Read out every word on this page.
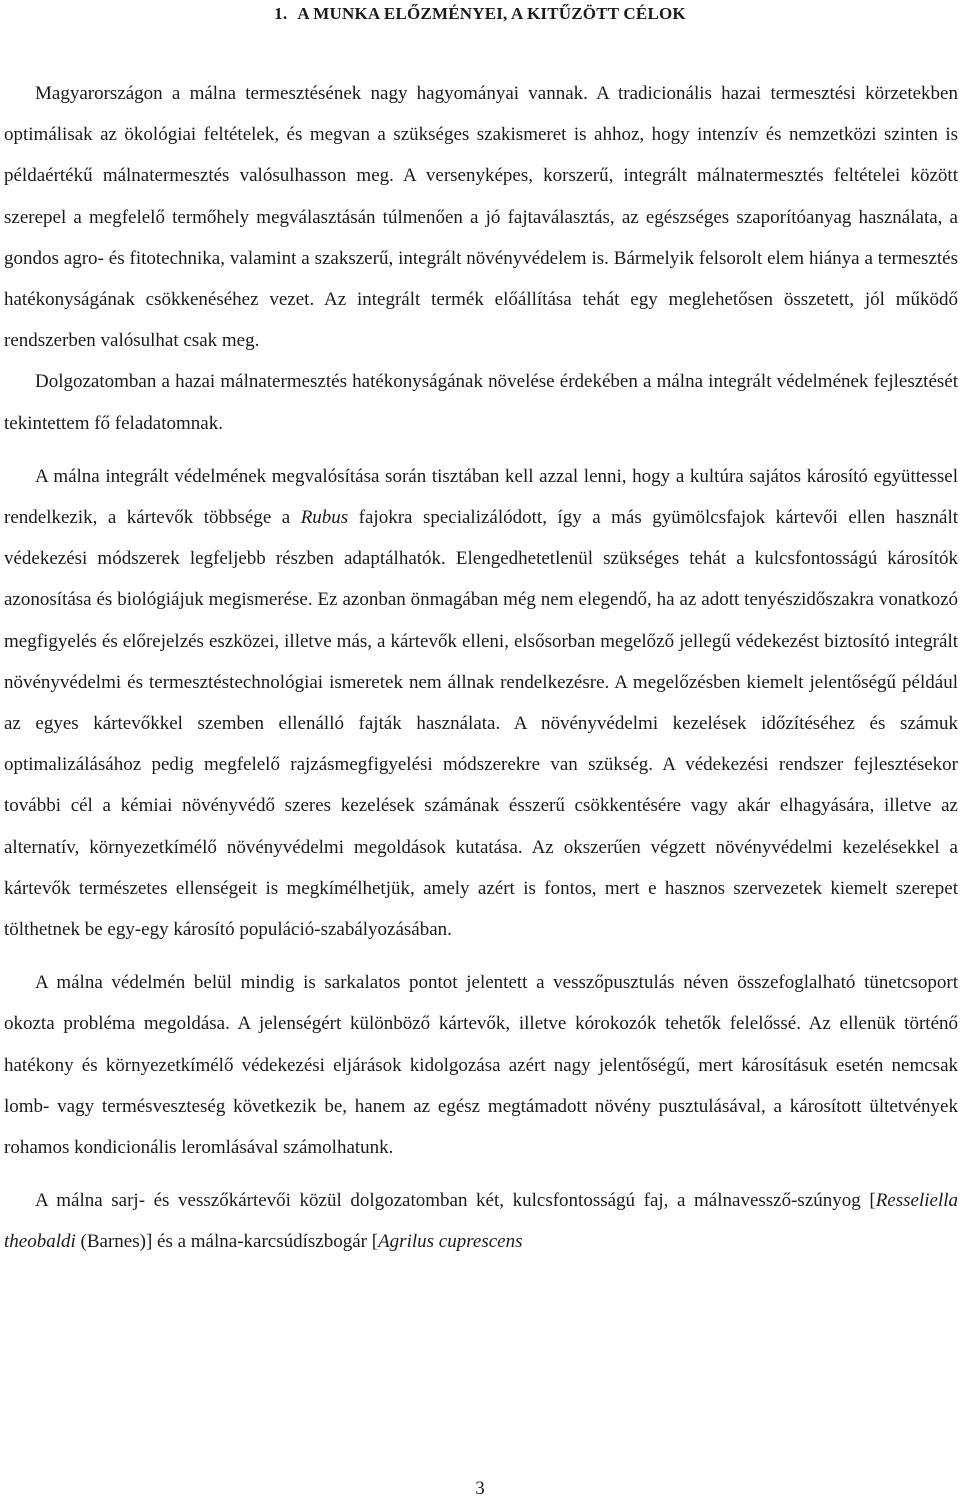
1. A MUNKA ELŐZMÉNYEI, A KITŰZÖTT CÉLOK

Magyarországon a málna termesztésének nagy hagyományai vannak. A tradicionális hazai termesztési körzetekben optimálisak az ökológiai feltételek, és megvan a szükséges szakismeret is ahhoz, hogy intenzív és nemzetközi szinten is példaértékű málnatermesztés valósulhasson meg. A versenyképes, korszerű, integrált málnatermesztés feltételei között szerepel a megfelelő termőhely megválasztásán túlmenően a jó fajtaválasztás, az egészséges szaporítóanyag használata, a gondos agro- és fitotechnika, valamint a szakszerű, integrált növényvédelem is. Bármelyik felsorolt elem hiánya a termesztés hatékonyságának csökkenéséhez vezet. Az integrált termék előállítása tehát egy meglehetősen összetett, jól működő rendszerben valósulhat csak meg.

Dolgozatomban a hazai málnatermesztés hatékonyságának növelése érdekében a málna integrált védelmének fejlesztését tekintettem fő feladatomnak.

A málna integrált védelmének megvalósítása során tisztában kell azzal lenni, hogy a kultúra sajátos károsító együttessel rendelkezik, a kártevők többsége a Rubus fajokra specializálódott, így a más gyümölcsfajok kártevői ellen használt védekezési módszerek legfeljebb részben adaptálhatók. Elengedhetetlenül szükséges tehát a kulcsfontosságú károsítók azonosítása és biológiájuk megismerése. Ez azonban önmagában még nem elegendő, ha az adott tenyészidőszakra vonatkozó megfigyelés és előrejelzés eszközei, illetve más, a kártevők elleni, elsősorban megelőző jellegű védekezést biztosító integrált növényvédelmi és termesztéstechnológiai ismeretek nem állnak rendelkezésre. A megelőzésben kiemelt jelentőségű például az egyes kártevőkkel szemben ellenálló fajták használata. A növényvédelmi kezelések időzítéséhez és számuk optimalizálásához pedig megfelelő rajzásmegfigyelési módszerekre van szükség. A védekezési rendszer fejlesztésekor további cél a kémiai növényvédő szeres kezelések számának ésszerű csökkentésére vagy akár elhagyására, illetve az alternatív, környezetkímélő növényvédelmi megoldások kutatása. Az okszerűen végzett növényvédelmi kezelésekkel a kártevők természetes ellenségeit is megkímélhetjük, amely azért is fontos, mert e hasznos szervezetek kiemelt szerepet tölthetnek be egy-egy károsító populáció-szabályozásában.

A málna védelmén belül mindig is sarkalatos pontot jelentett a vesszőpusztulás néven összefoglalható tünetcsoport okozta probléma megoldása. A jelenségért különböző kártevők, illetve kórokozók tehetők felelőssé. Az ellenük történő hatékony és környezetkímélő védekezési eljárások kidolgozása azért nagy jelentőségű, mert károsításuk esetén nemcsak lomb- vagy termésveszteség következik be, hanem az egész megtámadott növény pusztulásával, a károsított ültetvények rohamos kondicionális leromlásával számolhatunk.

A málna sarj- és vesszőkártevői közül dolgozatomban két, kulcsfontosságú faj, a málnavessző-szúnyog [Resseliella theobaldi (Barnes)] és a málna-karcsúdíszbogár [Agrilus cuprescens

3
